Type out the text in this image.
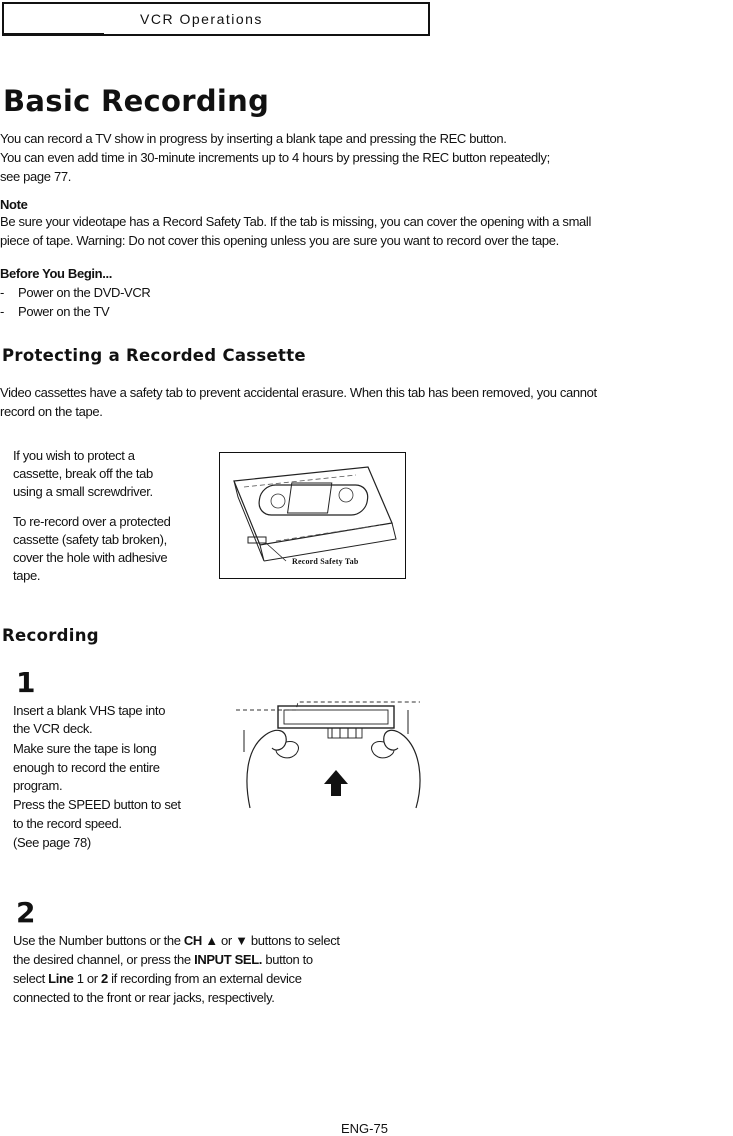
VCR Operations
Basic Recording

You can record a TV show in progress by inserting a blank tape and pressing the REC button.

You can even add time in 30-minute increments up to 4 hours by pressing the REC button repeatedly;

see page 77.

Note

Be sure your videotape has a Record Safety Tab. If the tab is missing, you can cover the opening with a small

piece of tape. Warning: Do not cover this opening unless you are sure you want to record over the tape.

Before You Begin...

- Power on the DVD-VCR

- Power on the TV

Protecting a Recorded Cassette

Video cassettes have a safety tab to prevent accidental erasure. When this tab has been removed, you cannot

record on the tape.

If you wish to protect a

cassette, break off the tab

using a small screwdriver.

To re-record over a protected

cassette (safety tab broken),

cover the hole with adhesive

tape.

Record Safety Tab
Recording

1

Insert a blank VHS tape into

the VCR deck.

Make sure the tape is long

enough to record the entire

program.

Press the SPEED button to set

to the record speed.

(See page 78)

2

Use the Number buttons or the CH ▲ or ▼ buttons to select

the desired channel, or press the INPUT SEL. button to

select Line 1 or 2 if recording from an external device

connected to the front or rear jacks, respectively.

ENG-75
